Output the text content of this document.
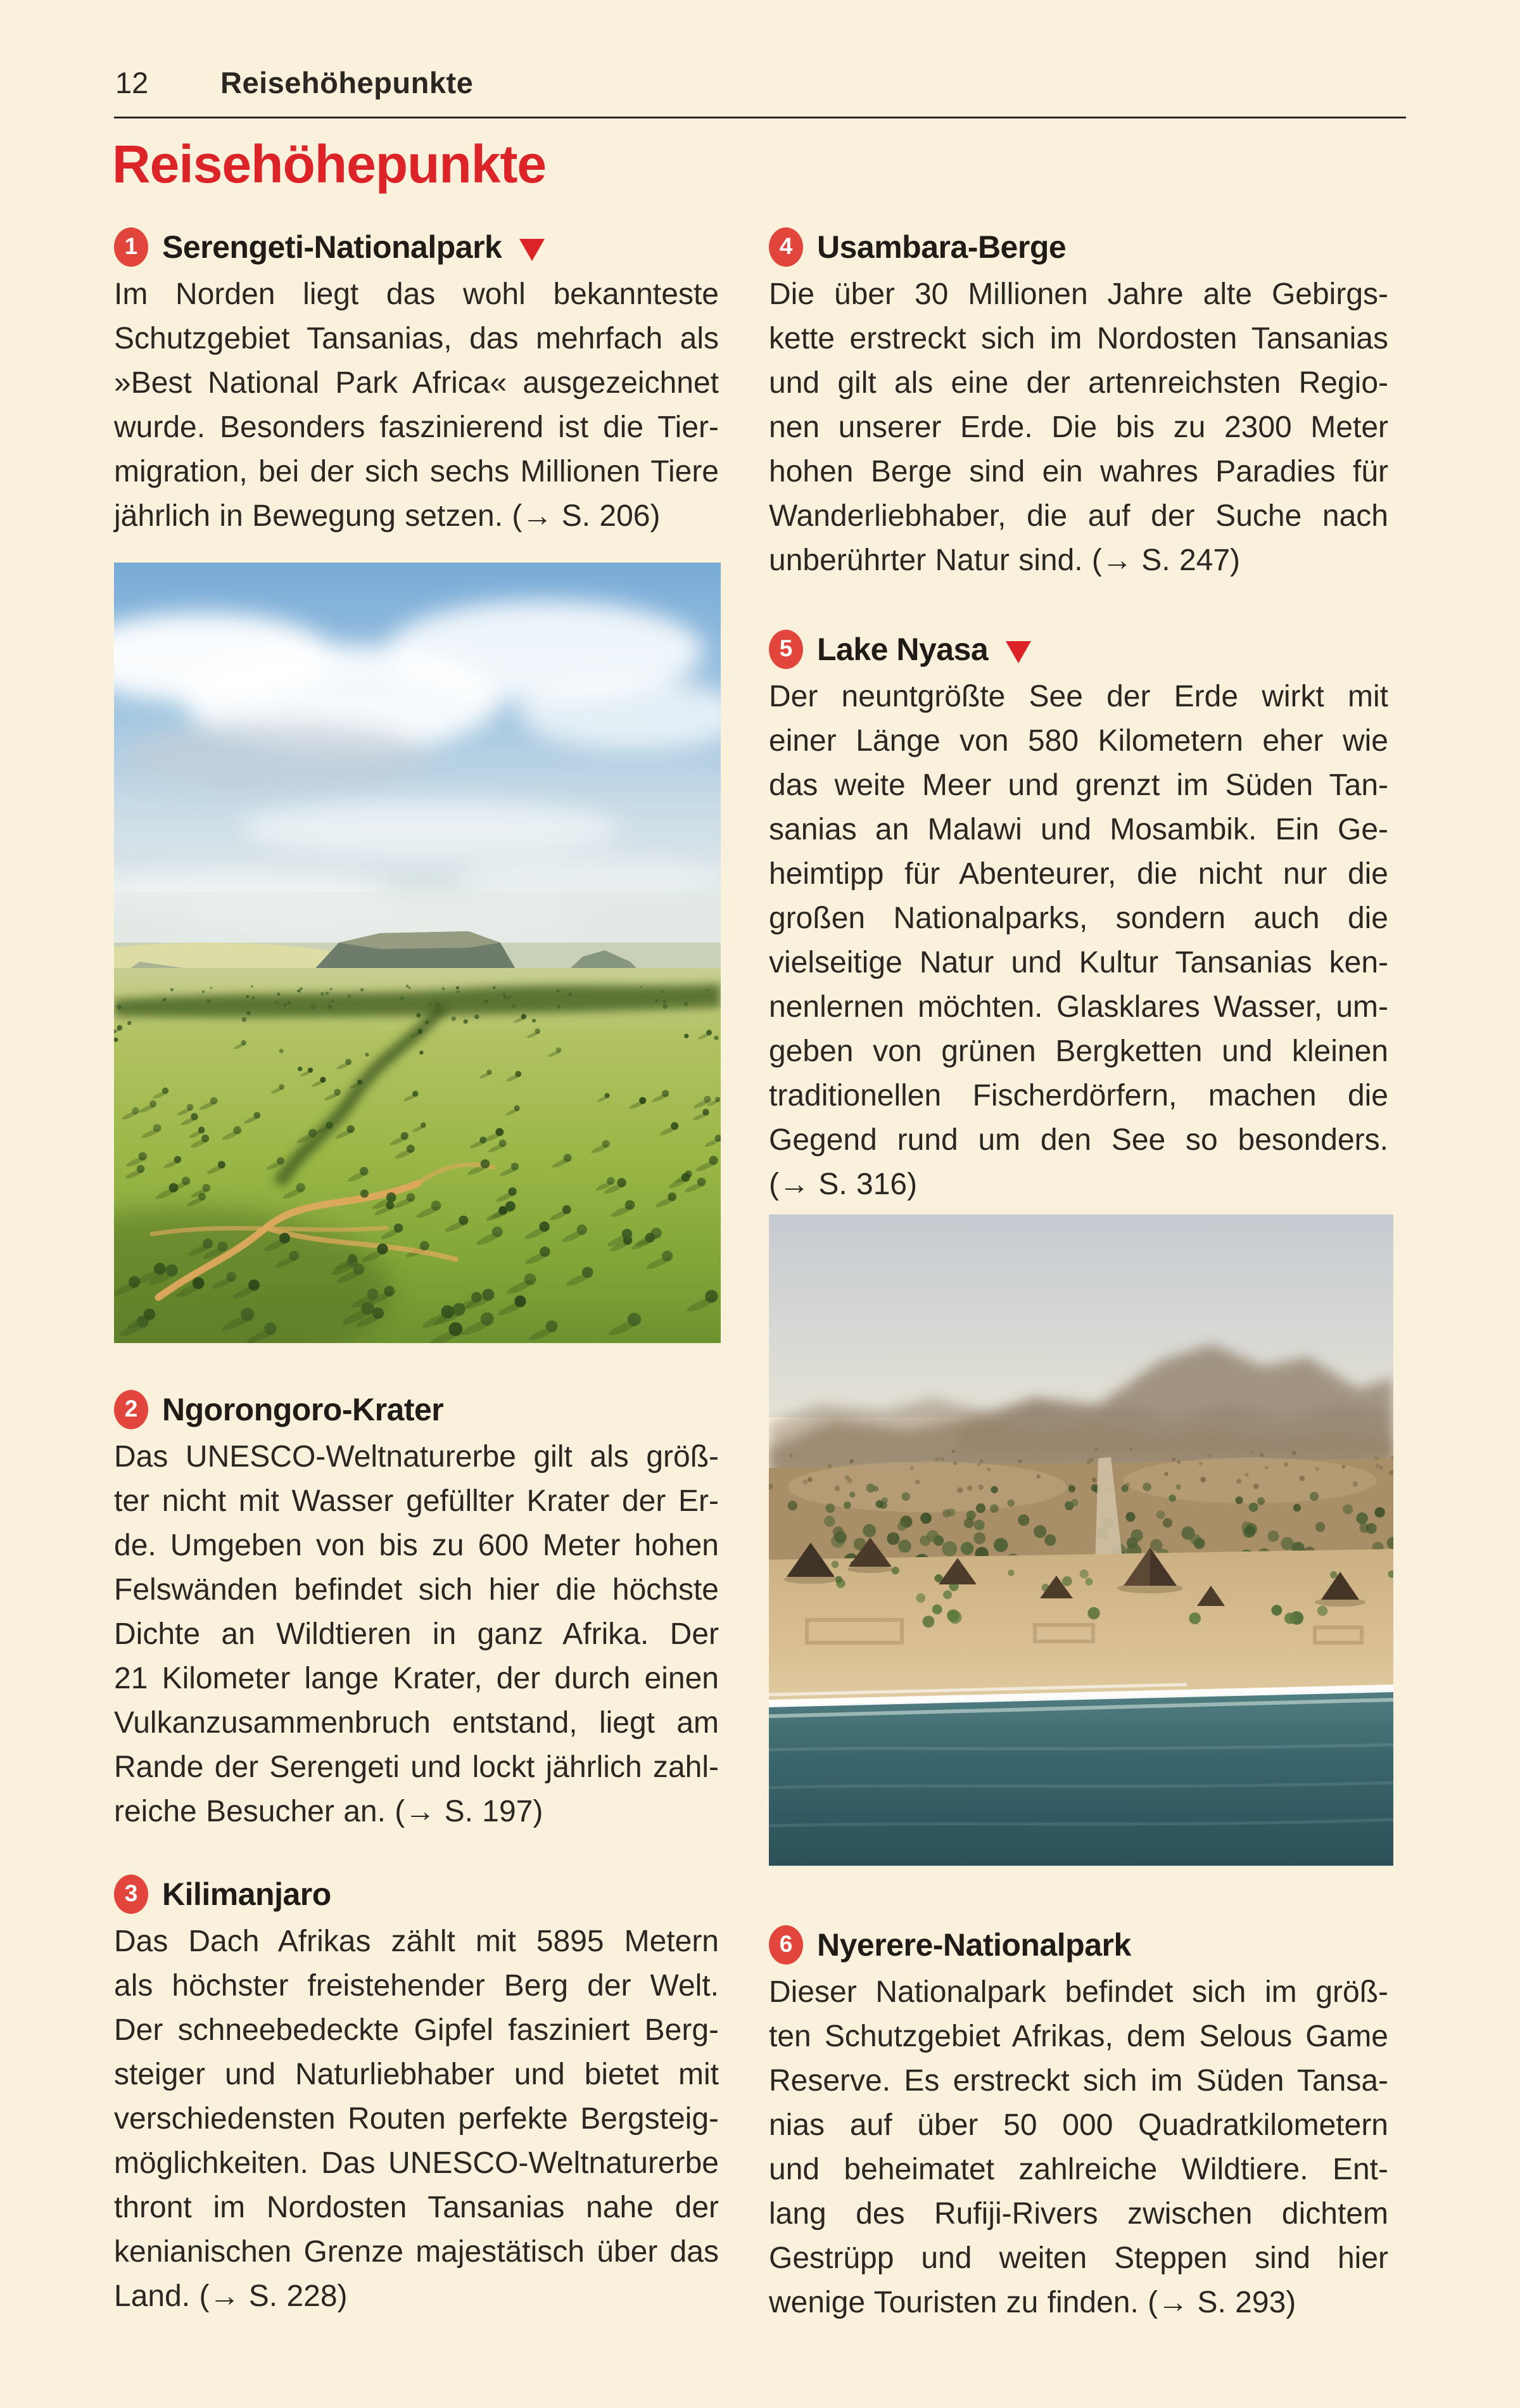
12 Reisehöhepunkte
Reisehöhepunkte
1 Serengeti-Nationalpark
Im Norden liegt das wohl bekannteste
Schutzgebiet Tansanias, das mehrfach als
»Best National Park Africa« ausgezeichnet
wurde. Besonders faszinierend ist die Tier-
migration, bei der sich sechs Millionen Tiere
jährlich in Bewegung setzen. (→ S. 206)
2 Ngorongoro-Krater
Das UNESCO-Weltnaturerbe gilt als größ-
ter nicht mit Wasser gefüllter Krater der Er-
de. Umgeben von bis zu 600 Meter hohen
Felswänden befindet sich hier die höchste
Dichte an Wildtieren in ganz Afrika. Der
21 Kilometer lange Krater, der durch einen
Vulkanzusammenbruch entstand, liegt am
Rande der Serengeti und lockt jährlich zahl-
reiche Besucher an. (→ S. 197)
3 Kilimanjaro
Das Dach Afrikas zählt mit 5895 Metern
als höchster freistehender Berg der Welt.
Der schneebedeckte Gipfel fasziniert Berg-
steiger und Naturliebhaber und bietet mit
verschiedensten Routen perfekte Bergsteig-
möglichkeiten. Das UNESCO-Weltnaturerbe
thront im Nordosten Tansanias nahe der
kenianischen Grenze majestätisch über das
Land. (→ S. 228)
4 Usambara-Berge
Die über 30 Millionen Jahre alte Gebirgs-
kette erstreckt sich im Nordosten Tansanias
und gilt als eine der artenreichsten Regio-
nen unserer Erde. Die bis zu 2300 Meter
hohen Berge sind ein wahres Paradies für
Wanderliebhaber, die auf der Suche nach
unberührter Natur sind. (→ S. 247)
5 Lake Nyasa
Der neuntgrößte See der Erde wirkt mit
einer Länge von 580 Kilometern eher wie
das weite Meer und grenzt im Süden Tan-
sanias an Malawi und Mosambik. Ein Ge-
heimtipp für Abenteurer, die nicht nur die
großen Nationalparks, sondern auch die
vielseitige Natur und Kultur Tansanias ken-
nenlernen möchten. Glasklares Wasser, um-
geben von grünen Bergketten und kleinen
traditionellen Fischerdörfern, machen die
Gegend rund um den See so besonders.
(→ S. 316)
6 Nyerere-Nationalpark
Dieser Nationalpark befindet sich im größ-
ten Schutzgebiet Afrikas, dem Selous Game
Reserve. Es erstreckt sich im Süden Tansa-
nias auf über 50 000 Quadratkilometern
und beheimatet zahlreiche Wildtiere. Ent-
lang des Rufiji-Rivers zwischen dichtem
Gestrüpp und weiten Steppen sind hier
wenige Touristen zu finden. (→ S. 293)
